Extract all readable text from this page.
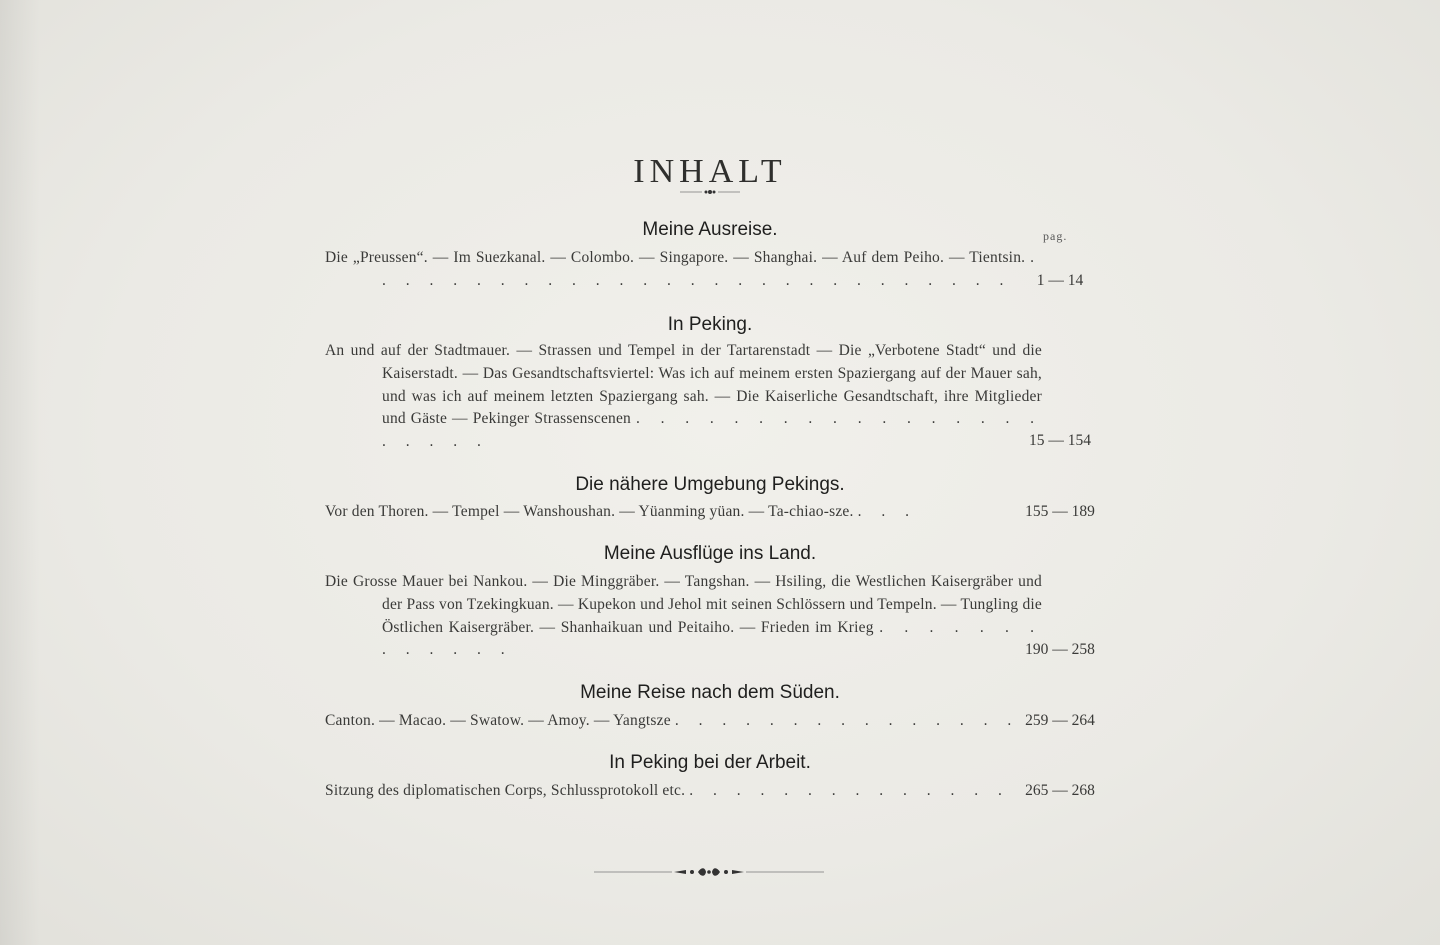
INHALT
Meine Ausreise.	pag.
Die „Preussen“. — Im Suezkanal. — Colombo. — Singapore. — Shanghai. — Auf dem Peiho. — Tientsin. . . . . . . . . . . . . . . . . . . . . . . . . . . . .	1 — 14
In Peking.
An und auf der Stadtmauer. — Strassen und Tempel in der Tartarenstadt — Die „Verbotene Stadt“ und die Kaiserstadt. — Das Gesandtschaftsviertel: Was ich auf meinem ersten Spaziergang auf der Mauer sah, und was ich auf meinem letzten Spaziergang sah. — Die Kaiserliche Gesandtschaft, ihre Mitglieder und Gäste — Pekinger Strassenscenen . . . . . . . . . . . . . . . . . . . . . .	15 — 154
Die nähere Umgebung Pekings.
Vor den Thoren. — Tempel — Wanshoushan. — Yüanming yüan. — Ta-chiao-sze. . . .	155 — 189
Meine Ausflüge ins Land.
Die Grosse Mauer bei Nankou. — Die Minggräber. — Tangshan. — Hsiling, die Westlichen Kaisergräber und der Pass von Tzekingkuan. — Kupekon und Jehol mit seinen Schlössern und Tempeln. — Tungling die Östlichen Kaisergräber. — Shanhaikuan und Peitaiho. — Frieden im Krieg . . . . . . . . . . . . .	190 — 258
Meine Reise nach dem Süden.
Canton. — Macao. — Swatow. — Amoy. — Yangtsze . . . . . . . . . . . . . . . 259 — 264
In Peking bei der Arbeit.
Sitzung des diplomatischen Corps, Schlussprotokoll etc. . . . . . . . . . . . . . . 265 — 268
